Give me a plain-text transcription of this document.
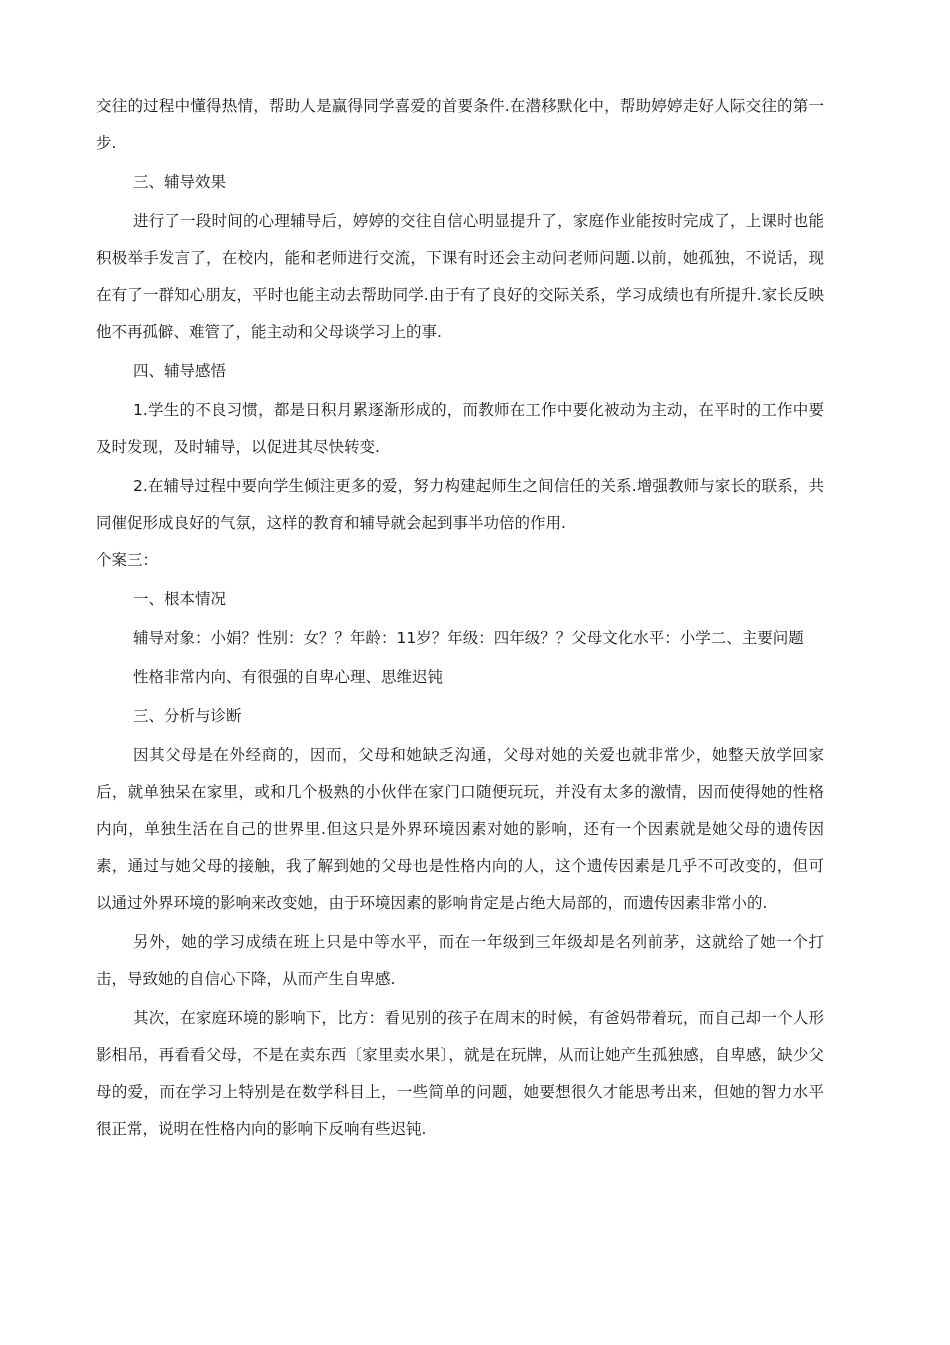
交往的过程中懂得热情，帮助人是赢得同学喜爱的首要条件.在潜移默化中，帮助婷婷走好人际交往的第一步.

三、辅导效果

进行了一段时间的心理辅导后，婷婷的交往自信心明显提升了，家庭作业能按时完成了，上课时也能积极举手发言了，在校内，能和老师进行交流，下课有时还会主动问老师问题.以前，她孤独，不说话，现在有了一群知心朋友，平时也能主动去帮助同学.由于有了良好的交际关系，学习成绩也有所提升.家长反映他不再孤僻、难管了，能主动和父母谈学习上的事.

四、辅导感悟

1.学生的不良习惯，都是日积月累逐渐形成的，而教师在工作中要化被动为主动，在平时的工作中要及时发现，及时辅导，以促进其尽快转变.

2.在辅导过程中要向学生倾注更多的爱，努力构建起师生之间信任的关系.增强教师与家长的联系，共同催促形成良好的气氛，这样的教育和辅导就会起到事半功倍的作用.

个案三：

一、根本情况

辅导对象：小娟？性别：女？？年龄：11岁？年级：四年级？？父母文化水平：小学二、主要问题

性格非常内向、有很强的自卑心理、思维迟钝

三、分析与诊断

因其父母是在外经商的，因而，父母和她缺乏沟通，父母对她的关爱也就非常少，她整天放学回家后，就单独呆在家里，或和几个极熟的小伙伴在家门口随便玩玩，并没有太多的激情，因而使得她的性格内向，单独生活在自己的世界里.但这只是外界环境因素对她的影响，还有一个因素就是她父母的遗传因素，通过与她父母的接触，我了解到她的父母也是性格内向的人，这个遗传因素是几乎不可改变的，但可以通过外界环境的影响来改变她，由于环境因素的影响肯定是占绝大局部的，而遗传因素非常小的.

另外，她的学习成绩在班上只是中等水平，而在一年级到三年级却是名列前茅，这就给了她一个打击，导致她的自信心下降，从而产生自卑感.

其次，在家庭环境的影响下，比方：看见别的孩子在周末的时候，有爸妈带着玩，而自己却一个人形影相吊，再看看父母，不是在卖东西〔家里卖水果〕，就是在玩牌，从而让她产生孤独感，自卑感，缺少父母的爱，而在学习上特别是在数学科目上，一些简单的问题，她要想很久才能思考出来，但她的智力水平很正常，说明在性格内向的影响下反响有些迟钝.
